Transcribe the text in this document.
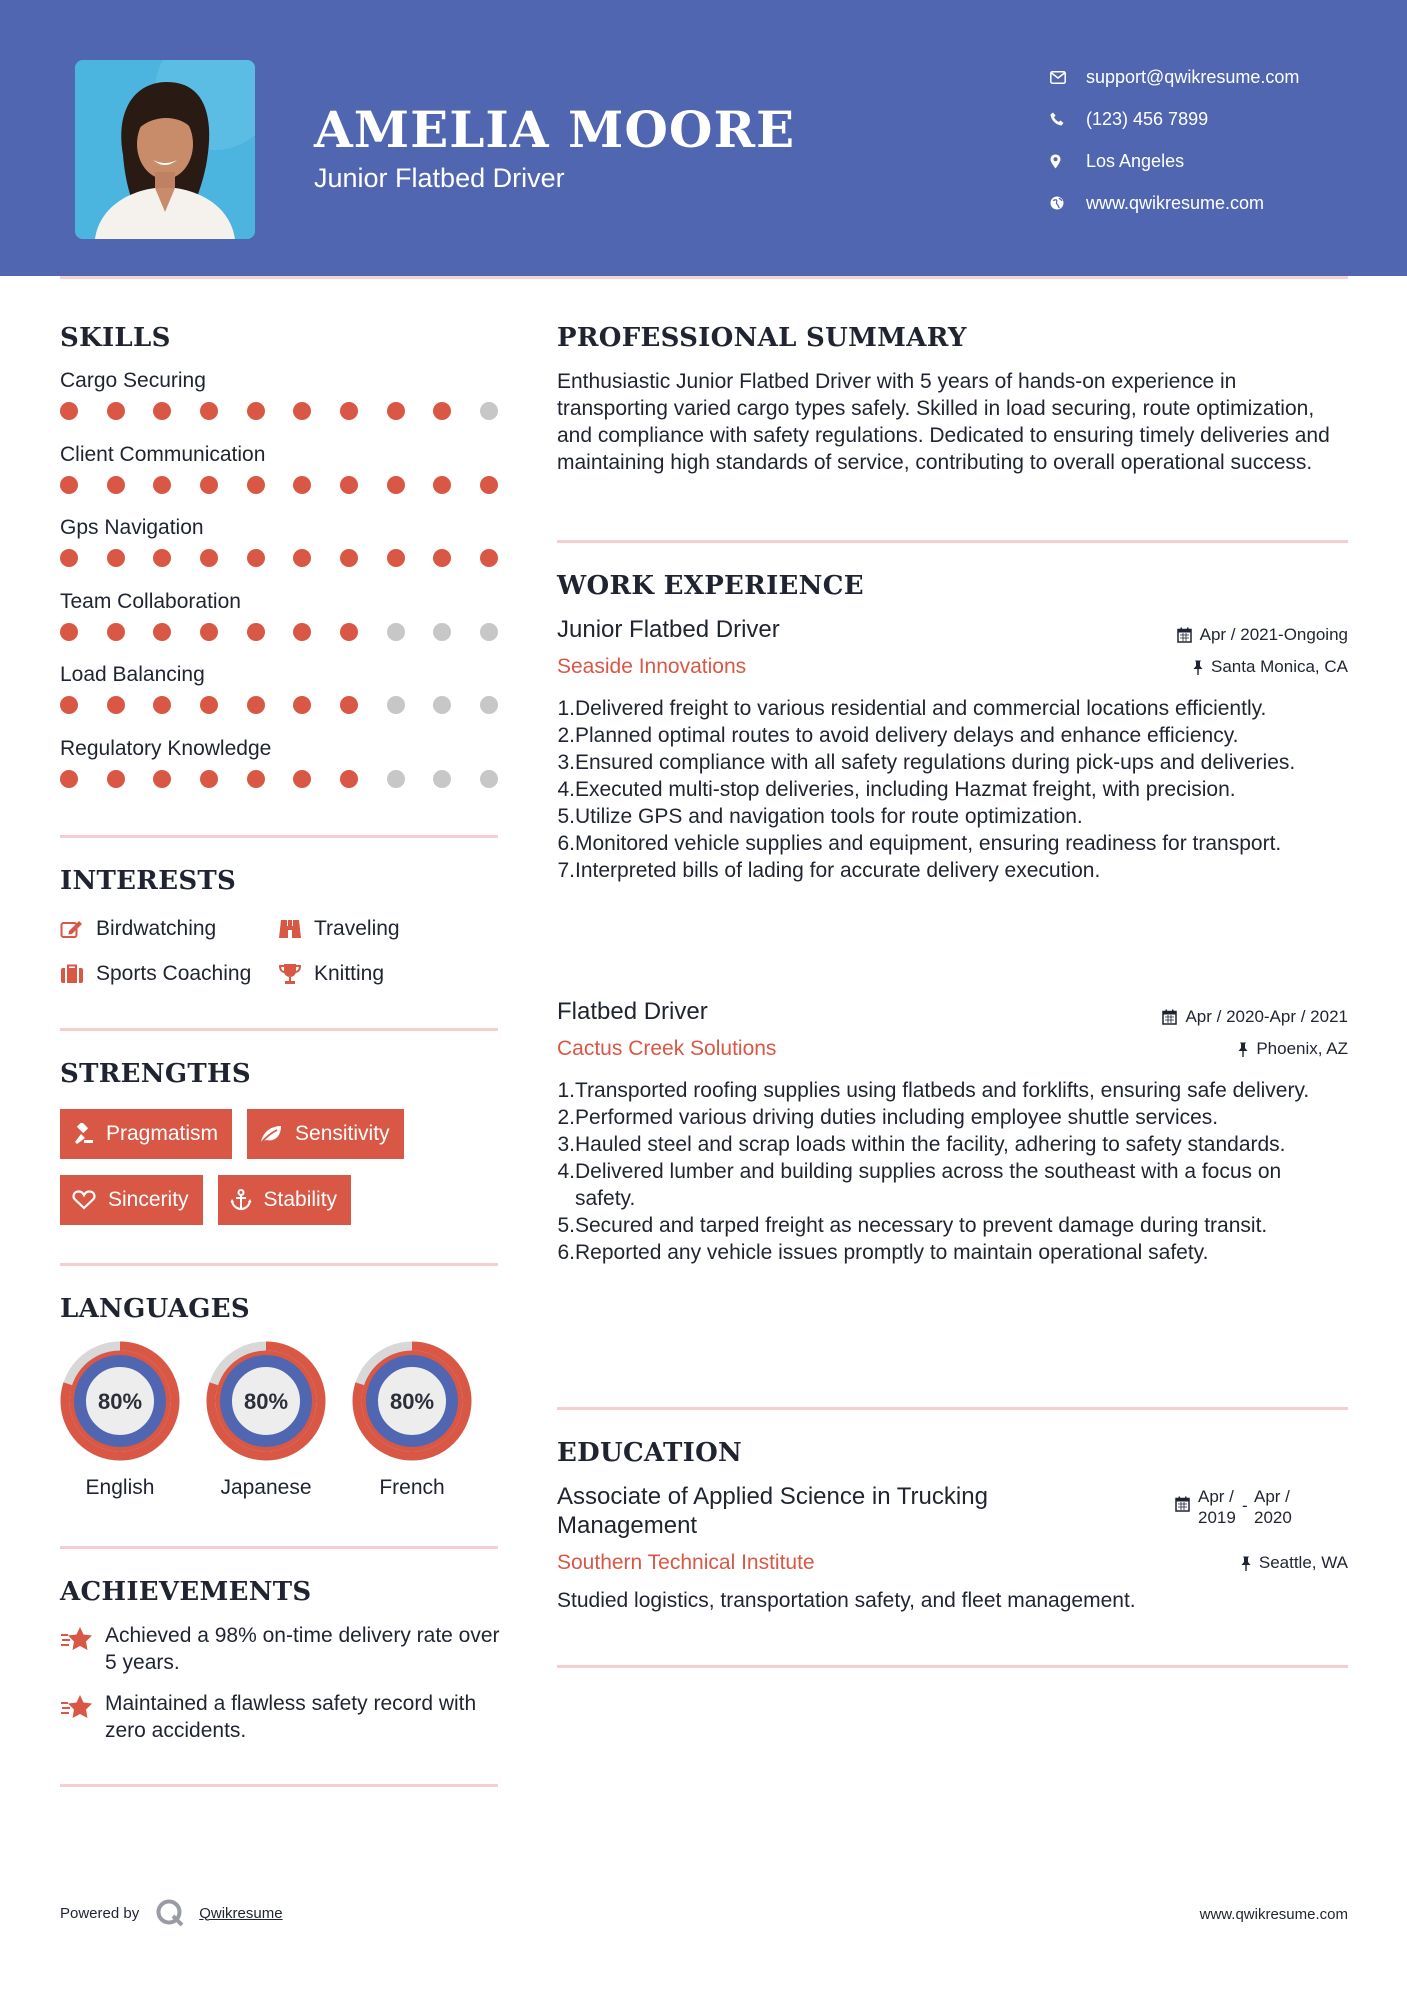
AMELIA MOORE
Junior Flatbed Driver
support@qwikresume.com
(123) 456 7899
Los Angeles
www.qwikresume.com
SKILLS
Cargo Securing
Client Communication
Gps Navigation
Team Collaboration
Load Balancing
Regulatory Knowledge
INTERESTS
Birdwatching	Traveling
Sports Coaching	Knitting
STRENGTHS
Pragmatism	Sensitivity
Sincerity	Stability
LANGUAGES
80%
English
80%
Japanese
80%
French
ACHIEVEMENTS
Achieved a 98% on-time delivery rate over 5 years.
Maintained a flawless safety record with zero accidents.
PROFESSIONAL SUMMARY
Enthusiastic Junior Flatbed Driver with 5 years of hands-on experience in transporting varied cargo types safely. Skilled in load securing, route optimization, and compliance with safety regulations. Dedicated to ensuring timely deliveries and maintaining high standards of service, contributing to overall operational success.
WORK EXPERIENCE
Junior Flatbed Driver	Apr / 2021-Ongoing
Seaside Innovations	Santa Monica, CA
1. Delivered freight to various residential and commercial locations efficiently.
2. Planned optimal routes to avoid delivery delays and enhance efficiency.
3. Ensured compliance with all safety regulations during pick-ups and deliveries.
4. Executed multi-stop deliveries, including Hazmat freight, with precision.
5. Utilize GPS and navigation tools for route optimization.
6. Monitored vehicle supplies and equipment, ensuring readiness for transport.
7. Interpreted bills of lading for accurate delivery execution.
Flatbed Driver	Apr / 2020-Apr / 2021
Cactus Creek Solutions	Phoenix, AZ
1. Transported roofing supplies using flatbeds and forklifts, ensuring safe delivery.
2. Performed various driving duties including employee shuttle services.
3. Hauled steel and scrap loads within the facility, adhering to safety standards.
4. Delivered lumber and building supplies across the southeast with a focus on safety.
5. Secured and tarped freight as necessary to prevent damage during transit.
6. Reported any vehicle issues promptly to maintain operational safety.
EDUCATION
Associate of Applied Science in Trucking Management
Apr / 2019
- Apr / 2020
Southern Technical Institute	Seattle, WA
Studied logistics, transportation safety, and fleet management.
Powered by	Qwikresume	www.qwikresume.com
